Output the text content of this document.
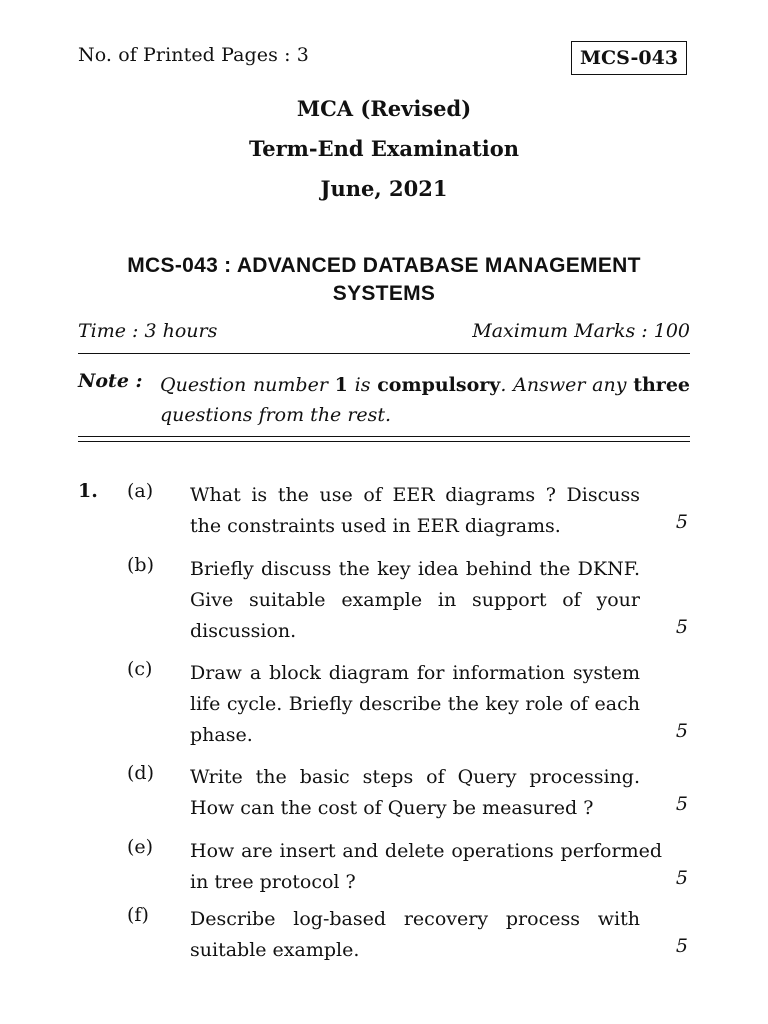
No. of Printed Pages : 3	MCS-043
MCA (Revised)
Term-End Examination
June, 2021
MCS-043 : ADVANCED DATABASE MANAGEMENT SYSTEMS
Time : 3 hours	Maximum Marks : 100
Note : Question number 1 is compulsory. Answer any three questions from the rest.
1. (a) What is the use of EER diagrams ? Discuss the constraints used in EER diagrams.	5
(b) Briefly discuss the key idea behind the DKNF. Give suitable example in support of your discussion.	5
(c) Draw a block diagram for information system life cycle. Briefly describe the key role of each phase.	5
(d) Write the basic steps of Query processing. How can the cost of Query be measured ?	5
(e) How are insert and delete operations performed in tree protocol ?	5
(f) Describe log-based recovery process with suitable example.	5
